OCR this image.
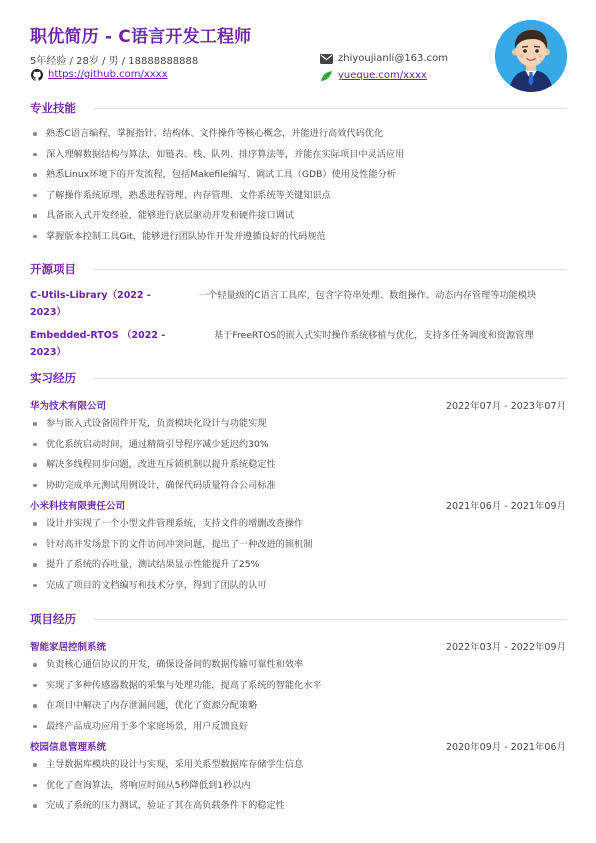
职优简历 - C语言开发工程师
5年经验 / 28岁 / 男 / 18888888888
https://github.com/xxxx
zhiyoujianli@163.com
yueque.com/xxxx
专业技能
熟悉C语言编程，掌握指针、结构体、文件操作等核心概念，并能进行高效代码优化
深入理解数据结构与算法，如链表、栈、队列、排序算法等，并能在实际项目中灵活应用
熟悉Linux环境下的开发流程，包括Makefile编写、调试工具（GDB）使用及性能分析
了解操作系统原理，熟悉进程管理、内存管理、文件系统等关键知识点
具备嵌入式开发经验，能够进行底层驱动开发和硬件接口调试
掌握版本控制工具Git，能够进行团队协作开发并遵循良好的代码规范
开源项目
C-Utils-Library（2022 -
2023）
一个轻量级的C语言工具库，包含字符串处理、数组操作、动态内存管理等功能模块
Embedded-RTOS （2022 -
2023）
基于FreeRTOS的嵌入式实时操作系统移植与优化，支持多任务调度和资源管理
实习经历
华为技术有限公司	2022年07月 - 2023年07月
参与嵌入式设备固件开发，负责模块化设计与功能实现
优化系统启动时间，通过精简引导程序减少延迟约30%
解决多线程同步问题，改进互斥锁机制以提升系统稳定性
协助完成单元测试用例设计，确保代码质量符合公司标准
小米科技有限责任公司	2021年06月 - 2021年09月
设计并实现了一个小型文件管理系统，支持文件的增删改查操作
针对高并发场景下的文件访问冲突问题，提出了一种改进的锁机制
提升了系统的吞吐量，测试结果显示性能提升了25%
完成了项目的文档编写和技术分享，得到了团队的认可
项目经历
智能家居控制系统	2022年03月 - 2022年09月
负责核心通信协议的开发，确保设备间的数据传输可靠性和效率
实现了多种传感器数据的采集与处理功能，提高了系统的智能化水平
在项目中解决了内存泄漏问题，优化了资源分配策略
最终产品成功应用于多个家庭场景，用户反馈良好
校园信息管理系统	2020年09月 - 2021年06月
主导数据库模块的设计与实现，采用关系型数据库存储学生信息
优化了查询算法，将响应时间从5秒降低到1秒以内
完成了系统的压力测试，验证了其在高负载条件下的稳定性
